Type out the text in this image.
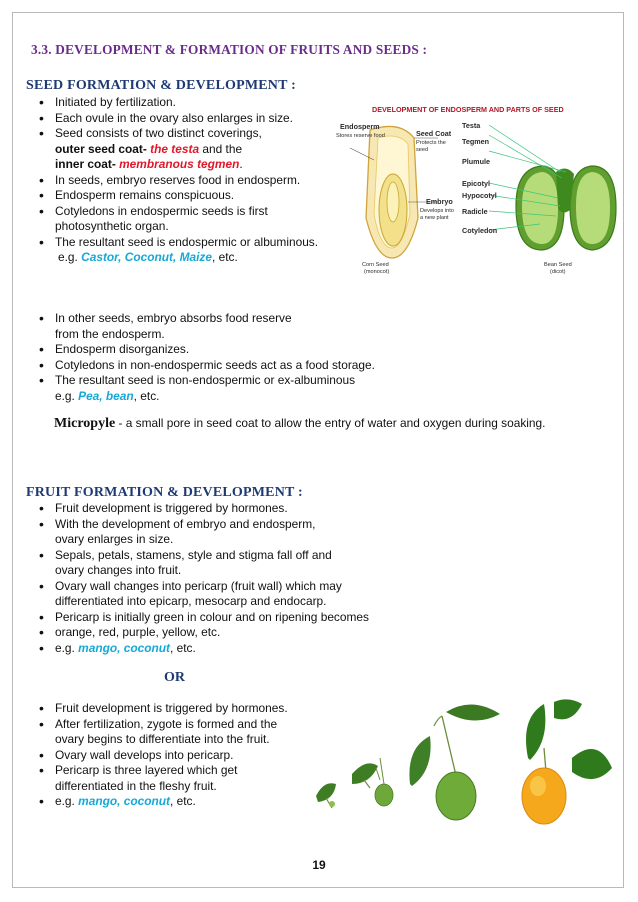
3.3. DEVELOPMENT & FORMATION OF FRUITS AND SEEDS :
SEED FORMATION & DEVELOPMENT :
• Initiated by fertilization.
• Each ovule in the ovary also enlarges in size.
• Seed consists of two distinct coverings,
outer seed coat- the testa and the
inner coat- membranous tegmen.
• In seeds, embryo reserves food in endosperm.
• Endosperm remains conspicuous.
• Cotyledons in endospermic seeds is first
photosynthetic organ.
• The resultant seed is endospermic or albuminous.
e.g. Castor, Coconut, Maize, etc.
DEVELOPMENT OF ENDOSPERM AND PARTS OF SEED
Endosperm
Stores reserve food	Seed Coat
Protects the
seed
Embryo
Develops into
a new plant
Testa
Tegmen
Plumule
Epicotyl
Hypocotyl
Radicle
Cotyledon
Corn Seed
(monocot)
Bean Seed
(dicot)
• In other seeds, embryo absorbs food reserve
from the endosperm.
• Endosperm disorganizes.
• Cotyledons in non-endospermic seeds act as a food storage.
• The resultant seed is non-endospermic or ex-albuminous
e.g. Pea, bean, etc.
Micropyle - a small pore in seed coat to allow the entry of water and oxygen during soaking.
FRUIT FORMATION & DEVELOPMENT :
• Fruit development is triggered by hormones.
• With the development of embryo and endosperm,
ovary enlarges in size.
• Sepals, petals, stamens, style and stigma fall off and
ovary changes into fruit.
• Ovary wall changes into pericarp (fruit wall) which may
differentiated into epicarp, mesocarp and endocarp.
• Pericarp is initially green in colour and on ripening becomes
• orange, red, purple, yellow, etc.
• e.g. mango, coconut, etc.
OR
• Fruit development is triggered by hormones.
• After fertilization, zygote is formed and the
ovary begins to differentiate into the fruit.
• Ovary wall develops into pericarp.
• Pericarp is three layered which get
differentiated in the fleshy fruit.
• e.g. mango, coconut, etc.
19
